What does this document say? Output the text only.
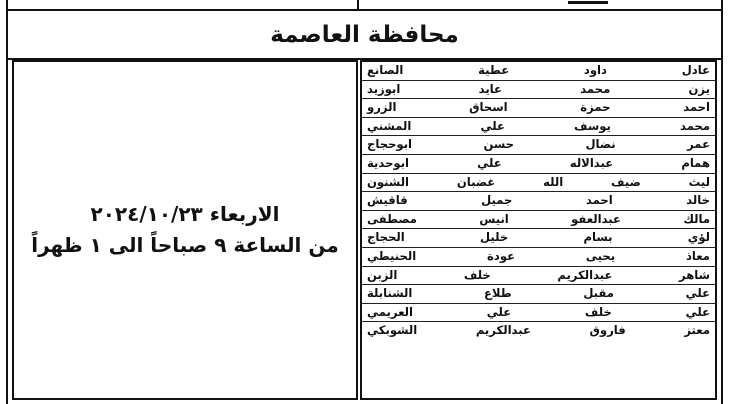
محافظة العاصمة
الاربعاء ٢٠٢٤/١٠/٢٣
من الساعة ٩ صباحاً الى ١ ظهراً
عادل داود عطية الصانع
يزن محمد عايد ابوزيد
احمد حمزة اسحاق الزرو
محمد يوسف علي المشني
عمر نضال حسن ابوحجاج
همام عبدالاله علي ابوحدية
ليث ضيف الله غضبان الشنون
خالد احمد جميل قاقيش
مالك عبدالعفو انيس مصطفى
لؤي بسام خليل الحجاج
معاذ يحيى عودة الحنيطي
شاهر عبدالكريم خلف الزبن
علي مقبل طلاع الشنابلة
علي خلف علي العريمي
معتز فاروق عبدالكريم الشوبكي
